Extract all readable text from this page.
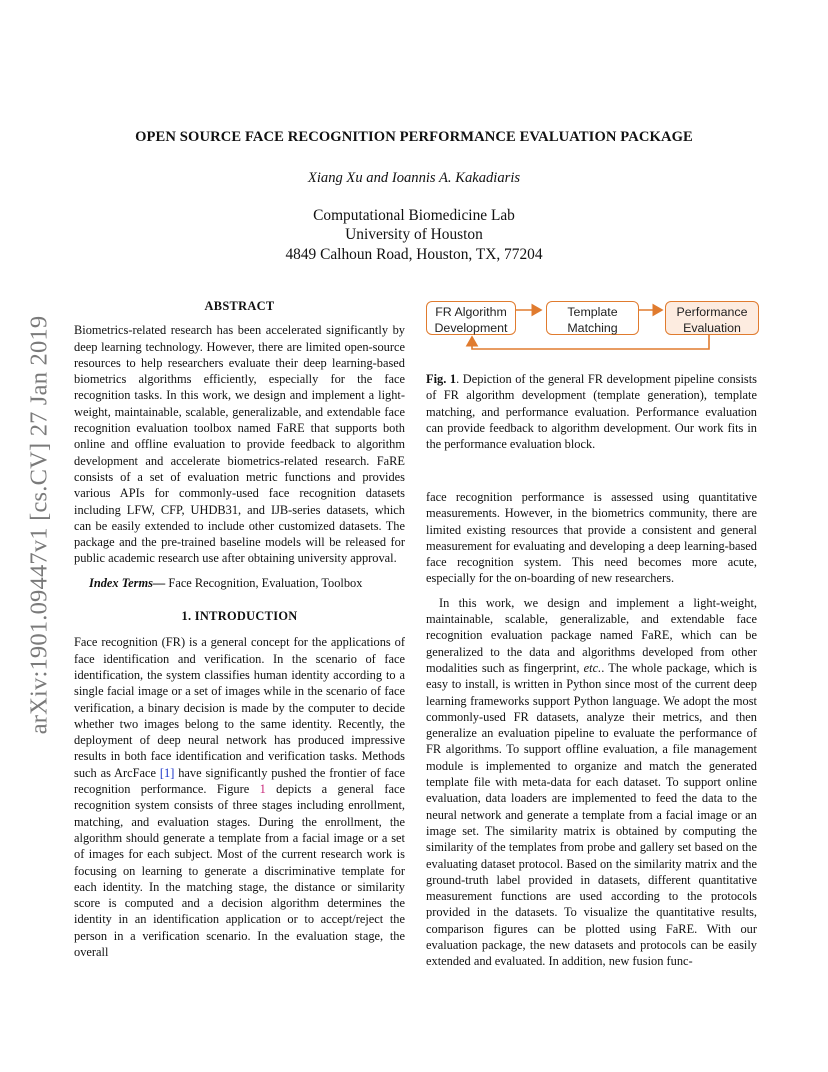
arXiv:1901.09447v1 [cs.CV] 27 Jan 2019
OPEN SOURCE FACE RECOGNITION PERFORMANCE EVALUATION PACKAGE
Xiang Xu and Ioannis A. Kakadiaris
Computational Biomedicine Lab
University of Houston
4849 Calhoun Road, Houston, TX, 77204
ABSTRACT

Biometrics-related research has been accelerated significantly by deep learning technology. However, there are limited open-source resources to help researchers evaluate their deep learning-based biometrics algorithms efficiently, especially for the face recognition tasks. In this work, we design and implement a light-weight, maintainable, scalable, generalizable, and extendable face recognition evaluation toolbox named FaRE that supports both online and offline evaluation to provide feedback to algorithm development and accelerate biometrics-related research. FaRE consists of a set of evaluation metric functions and provides various APIs for commonly-used face recognition datasets including LFW, CFP, UHDB31, and IJB-series datasets, which can be easily extended to include other customized datasets. The package and the pre-trained baseline models will be released for public academic research use after obtaining university approval.

Index Terms— Face Recognition, Evaluation, Toolbox

1. INTRODUCTION

Face recognition (FR) is a general concept for the applications of face identification and verification. In the scenario of face identification, the system classifies human identity according to a single facial image or a set of images while in the scenario of face verification, a binary decision is made by the computer to decide whether two images belong to the same identity. Recently, the deployment of deep neural network has produced impressive results in both face identification and verification tasks. Methods such as ArcFace [1] have significantly pushed the frontier of face recognition performance. Figure 1 depicts a general face recognition system consists of three stages including enrollment, matching, and evaluation stages. During the enrollment, the algorithm should generate a template from a facial image or a set of images for each subject. Most of the current research work is focusing on learning to generate a discriminative template for each identity. In the matching stage, the distance or similarity score is computed and a decision algorithm determines the identity in an identification application or to accept/reject the person in a verification scenario. In the evaluation stage, the overall

FR Algorithm
Development
Template
Matching
Performance
Evaluation
Fig. 1. Depiction of the general FR development pipeline consists of FR algorithm development (template generation), template matching, and performance evaluation. Performance evaluation can provide feedback to algorithm development. Our work fits in the performance evaluation block.

face recognition performance is assessed using quantitative measurements. However, in the biometrics community, there are limited existing resources that provide a consistent and general measurement for evaluating and developing a deep learning-based face recognition system. This need becomes more acute, especially for the on-boarding of new researchers.

In this work, we design and implement a light-weight, maintainable, scalable, generalizable, and extendable face recognition evaluation package named FaRE, which can be generalized to the data and algorithms developed from other modalities such as fingerprint, etc.. The whole package, which is easy to install, is written in Python since most of the current deep learning frameworks support Python language. We adopt the most commonly-used FR datasets, analyze their metrics, and then generalize an evaluation pipeline to evaluate the performance of FR algorithms. To support offline evaluation, a file management module is implemented to organize and match the generated template file with meta-data for each dataset. To support online evaluation, data loaders are implemented to feed the data to the neural network and generate a template from a facial image or an image set. The similarity matrix is obtained by computing the similarity of the templates from probe and gallery set based on the evaluating dataset protocol. Based on the similarity matrix and the ground-truth label provided in datasets, different quantitative measurement functions are used according to the protocols provided in the datasets. To visualize the quantitative results, comparison figures can be plotted using FaRE. With our evaluation package, the new datasets and protocols can be easily extended and evaluated. In addition, new fusion func-
